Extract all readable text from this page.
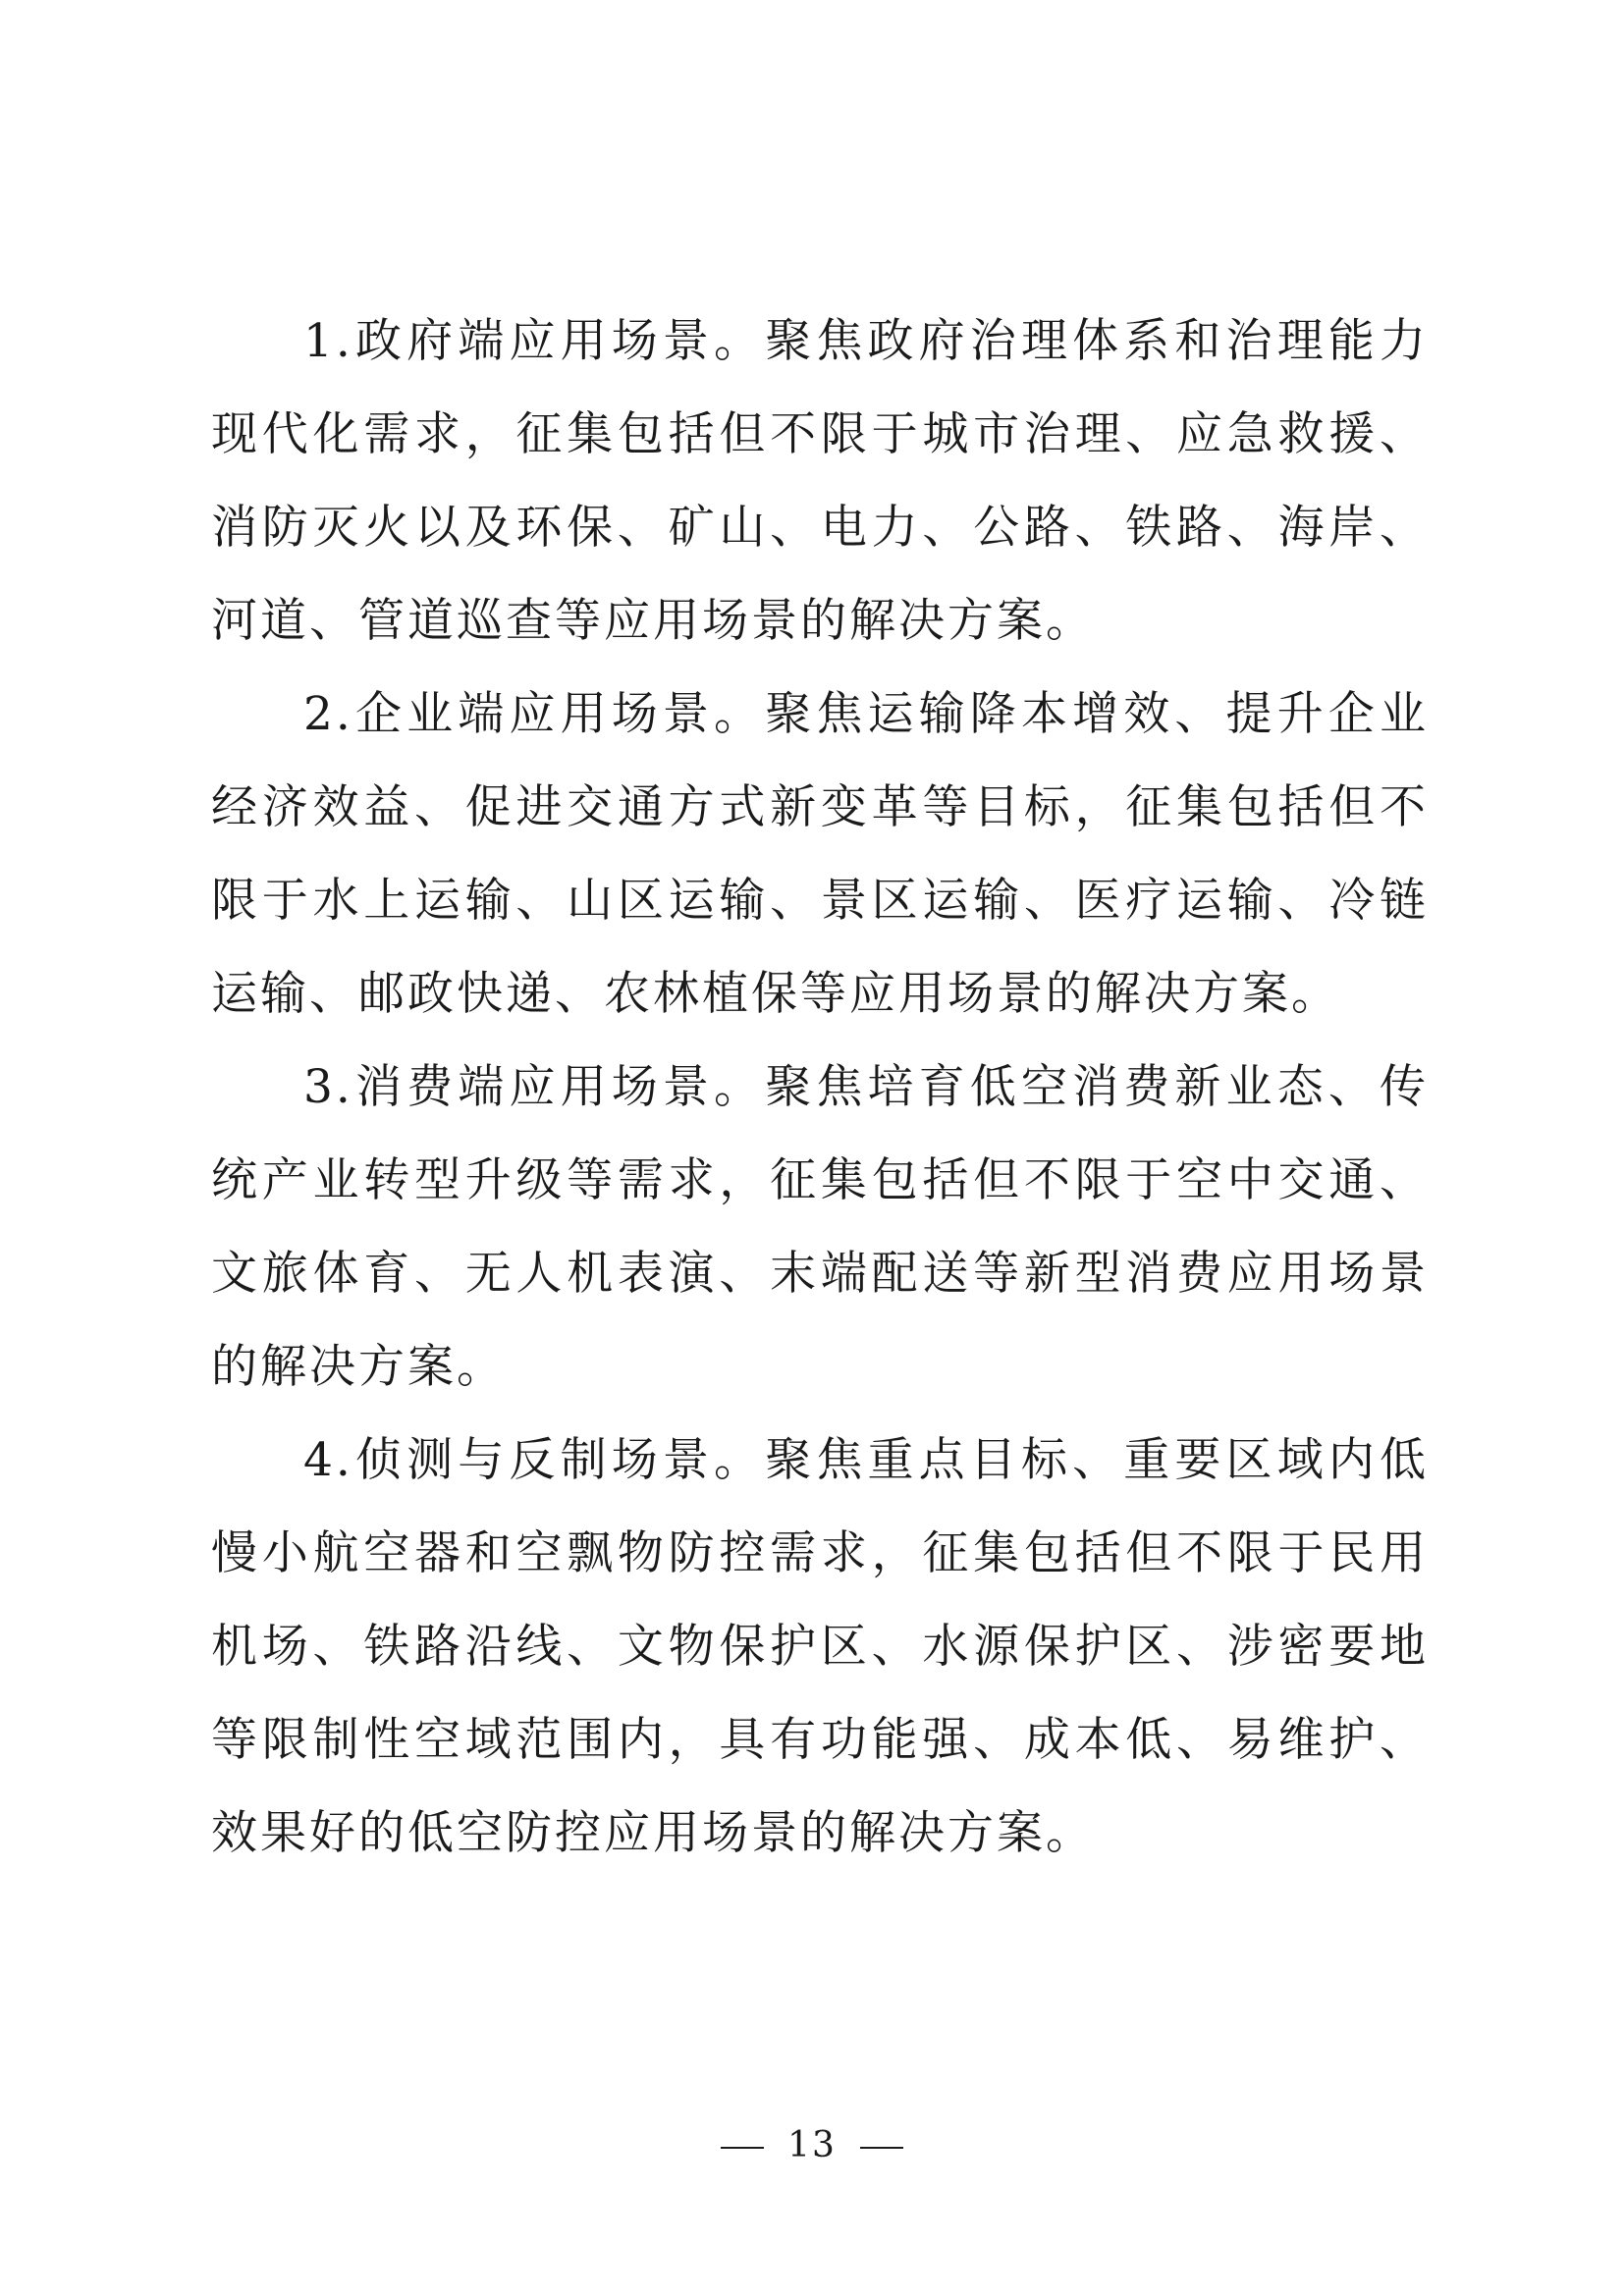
1.政府端应用场景。聚焦政府治理体系和治理能力现代化需求，征集包括但不限于城市治理、应急救援、消防灭火以及环保、矿山、电力、公路、铁路、海岸、河道、管道巡查等应用场景的解决方案。

2.企业端应用场景。聚焦运输降本增效、提升企业经济效益、促进交通方式新变革等目标，征集包括但不限于水上运输、山区运输、景区运输、医疗运输、冷链运输、邮政快递、农林植保等应用场景的解决方案。

3.消费端应用场景。聚焦培育低空消费新业态、传统产业转型升级等需求，征集包括但不限于空中交通、文旅体育、无人机表演、末端配送等新型消费应用场景的解决方案。

4.侦测与反制场景。聚焦重点目标、重要区域内低慢小航空器和空飘物防控需求，征集包括但不限于民用机场、铁路沿线、文物保护区、水源保护区、涉密要地等限制性空域范围内，具有功能强、成本低、易维护、效果好的低空防控应用场景的解决方案。

13
